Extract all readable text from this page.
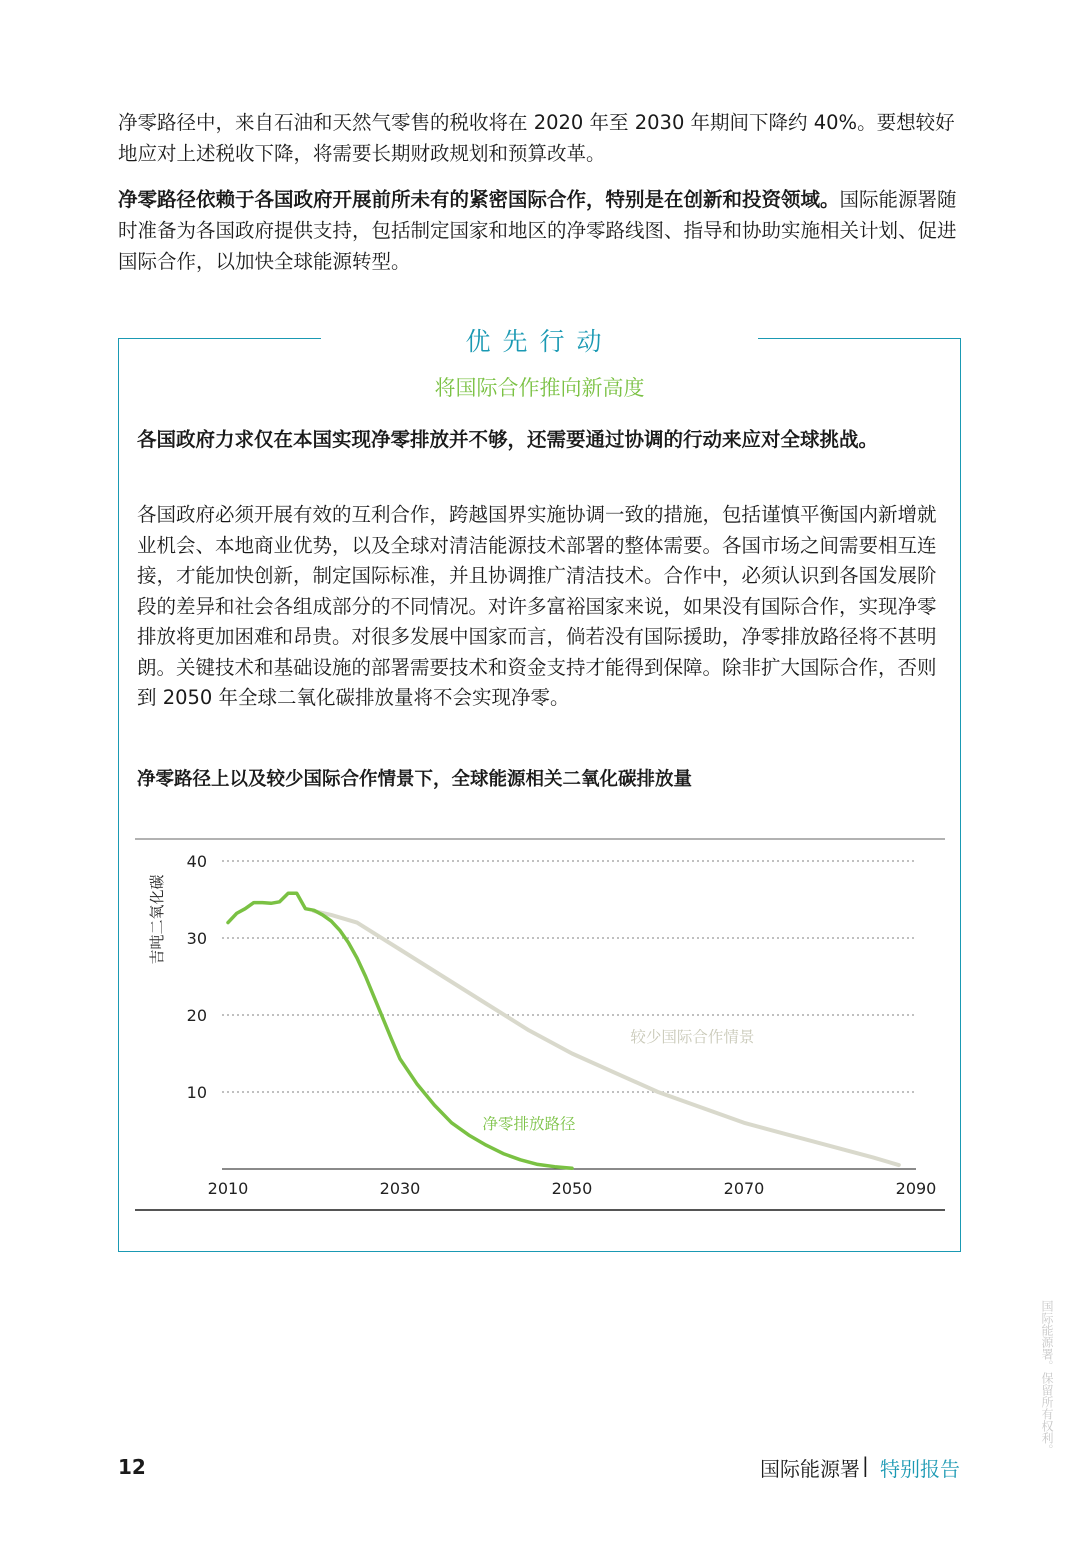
净零路径中，来自石油和天然气零售的税收将在 2020 年至 2030 年期间下降约 40%。要想较好地应对上述税收下降，将需要长期财政规划和预算改革。

净零路径依赖于各国政府开展前所未有的紧密国际合作，特别是在创新和投资领域。国际能源署随时准备为各国政府提供支持，包括制定国家和地区的净零路线图、指导和协助实施相关计划、促进国际合作，以加快全球能源转型。

优先行动

将国际合作推向新高度

各国政府力求仅在本国实现净零排放并不够，还需要通过协调的行动来应对全球挑战。

各国政府必须开展有效的互利合作，跨越国界实施协调一致的措施，包括谨慎平衡国内新增就业机会、本地商业优势，以及全球对清洁能源技术部署的整体需要。各国市场之间需要相互连接，才能加快创新，制定国际标准，并且协调推广清洁技术。合作中，必须认识到各国发展阶段的差异和社会各组成部分的不同情况。对许多富裕国家来说，如果没有国际合作，实现净零排放将更加困难和昂贵。对很多发展中国家而言，倘若没有国际援助，净零排放路径将不甚明朗。关键技术和基础设施的部署需要技术和资金支持才能得到保障。除非扩大国际合作，否则到 2050 年全球二氧化碳排放量将不会实现净零。

净零路径上以及较少国际合作情景下，全球能源相关二氧化碳排放量

10
20
30
40
2010	2030	2050	2070	2090
吉吨二氧化碳
较少国际合作情景
净零排放路径

12	国际能源署 | 特别报告

国际能源署。保留所有权利。
